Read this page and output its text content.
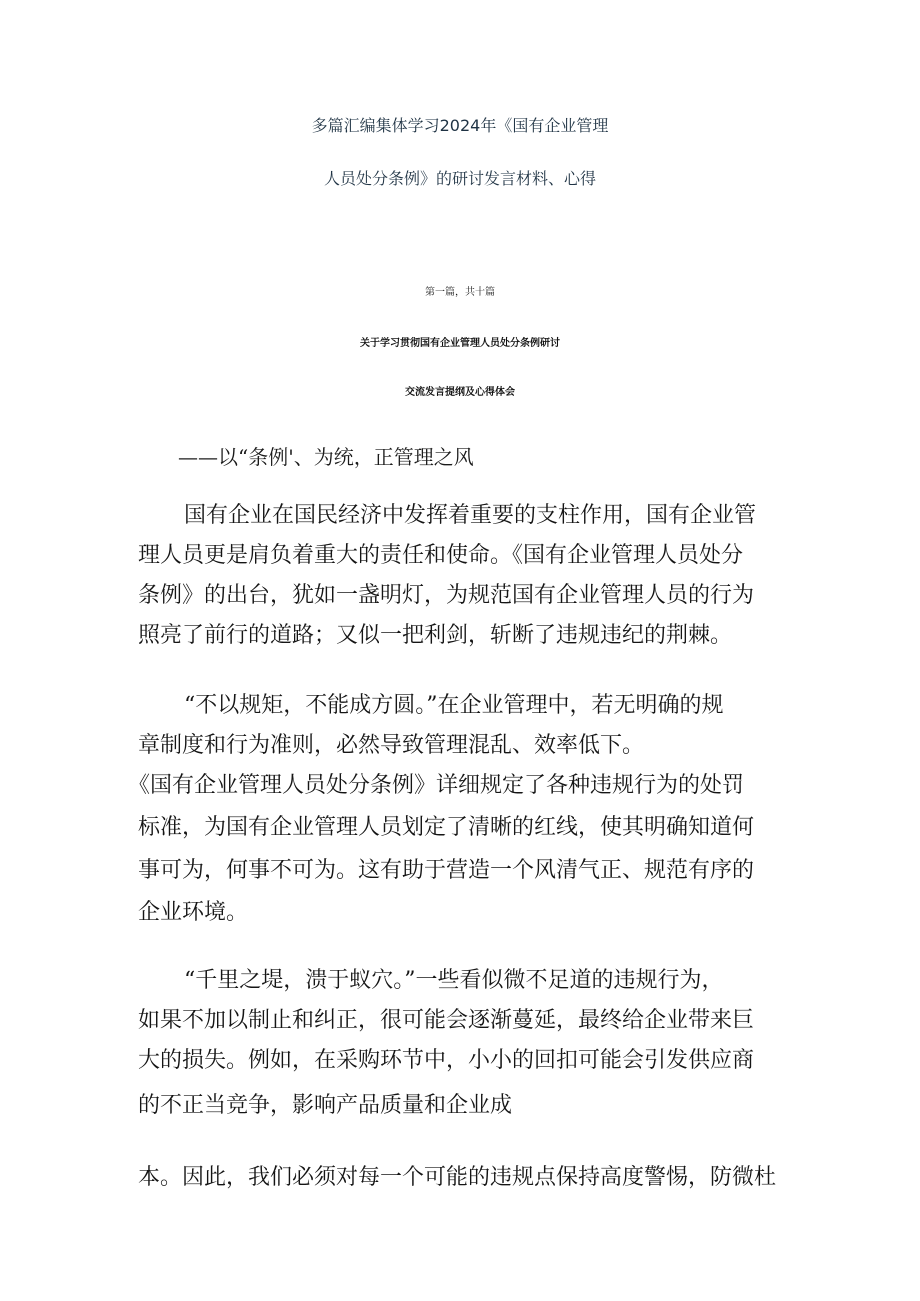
多篇汇编集体学习2024年《国有企业管理
人员处分条例》的研讨发言材料、心得
第一篇，共十篇
关于学习贯彻国有企业管理人员处分条例研讨
交流发言提纲及心得体会
——以“条例'、为统，正管理之风
国有企业在国民经济中发挥着重要的支柱作用，国有企业管
理人员更是肩负着重大的责任和使命。《国有企业管理人员处分
条例》的出台，犹如一盏明灯，为规范国有企业管理人员的行为
照亮了前行的道路；又似一把利剑，斩断了违规违纪的荆棘。
“不以规矩，不能成方圆。”在企业管理中，若无明确的规
章制度和行为准则，必然导致管理混乱、效率低下。
《国有企业管理人员处分条例》详细规定了各种违规行为的处罚
标准，为国有企业管理人员划定了清晰的红线，使其明确知道何
事可为，何事不可为。这有助于营造一个风清气正、规范有序的
企业环境。
“千里之堤，溃于蚁穴。”一些看似微不足道的违规行为，
如果不加以制止和纠正，很可能会逐渐蔓延，最终给企业带来巨
大的损失。例如，在采购环节中，小小的回扣可能会引发供应商
的不正当竞争，影响产品质量和企业成
本。因此，我们必须对每一个可能的违规点保持高度警惕，防微杜
